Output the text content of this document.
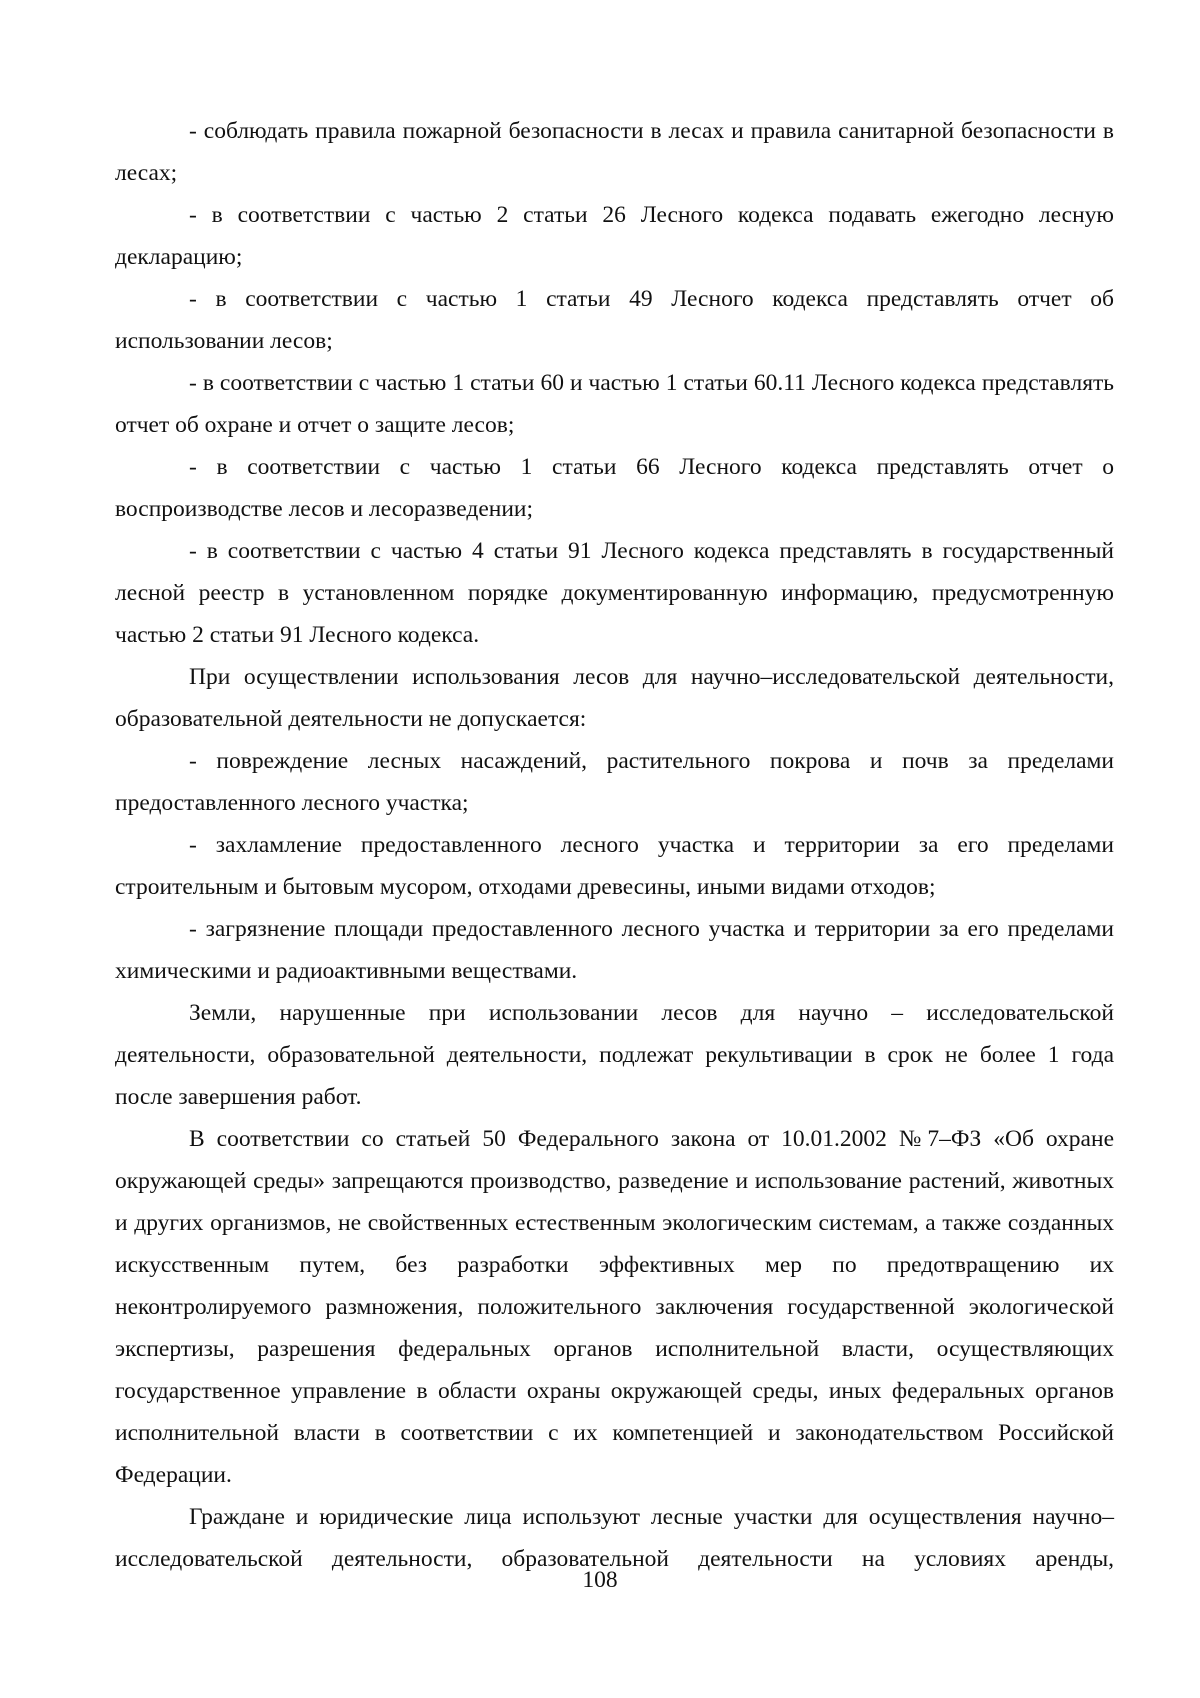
- соблюдать правила пожарной безопасности в лесах и правила санитарной безопасности в лесах;

- в соответствии с частью 2 статьи 26 Лесного кодекса подавать ежегодно лесную декларацию;

- в соответствии с частью 1 статьи 49 Лесного кодекса представлять отчет об использовании лесов;

- в соответствии с частью 1 статьи 60 и частью 1 статьи 60.11 Лесного кодекса представлять отчет об охране и отчет о защите лесов;

- в соответствии с частью 1 статьи 66 Лесного кодекса представлять отчет о воспроизводстве лесов и лесоразведении;

- в соответствии с частью 4 статьи 91 Лесного кодекса представлять в государственный лесной реестр в установленном порядке документированную информацию, предусмотренную частью 2 статьи 91 Лесного кодекса.

При осуществлении использования лесов для научно–исследовательской деятельности, образовательной деятельности не допускается:

- повреждение лесных насаждений, растительного покрова и почв за пределами предоставленного лесного участка;

- захламление предоставленного лесного участка и территории за его пределами строительным и бытовым мусором, отходами древесины, иными видами отходов;

- загрязнение площади предоставленного лесного участка и территории за его пределами химическими и радиоактивными веществами.

Земли, нарушенные при использовании лесов для научно – исследовательской деятельности, образовательной деятельности, подлежат рекультивации в срок не более 1 года после завершения работ.

В соответствии со статьей 50 Федерального закона от 10.01.2002 №7–ФЗ «Об охране окружающей среды» запрещаются производство, разведение и использование растений, животных и других организмов, не свойственных естественным экологическим системам, а также созданных искусственным путем, без разработки эффективных мер по предотвращению их неконтролируемого размножения, положительного заключения государственной экологической экспертизы, разрешения федеральных органов исполнительной власти, осуществляющих государственное управление в области охраны окружающей среды, иных федеральных органов исполнительной власти в соответствии с их компетенцией и законодательством Российской Федерации.

Граждане и юридические лица используют лесные участки для осуществления научно–исследовательской деятельности, образовательной деятельности на условиях аренды,

108
